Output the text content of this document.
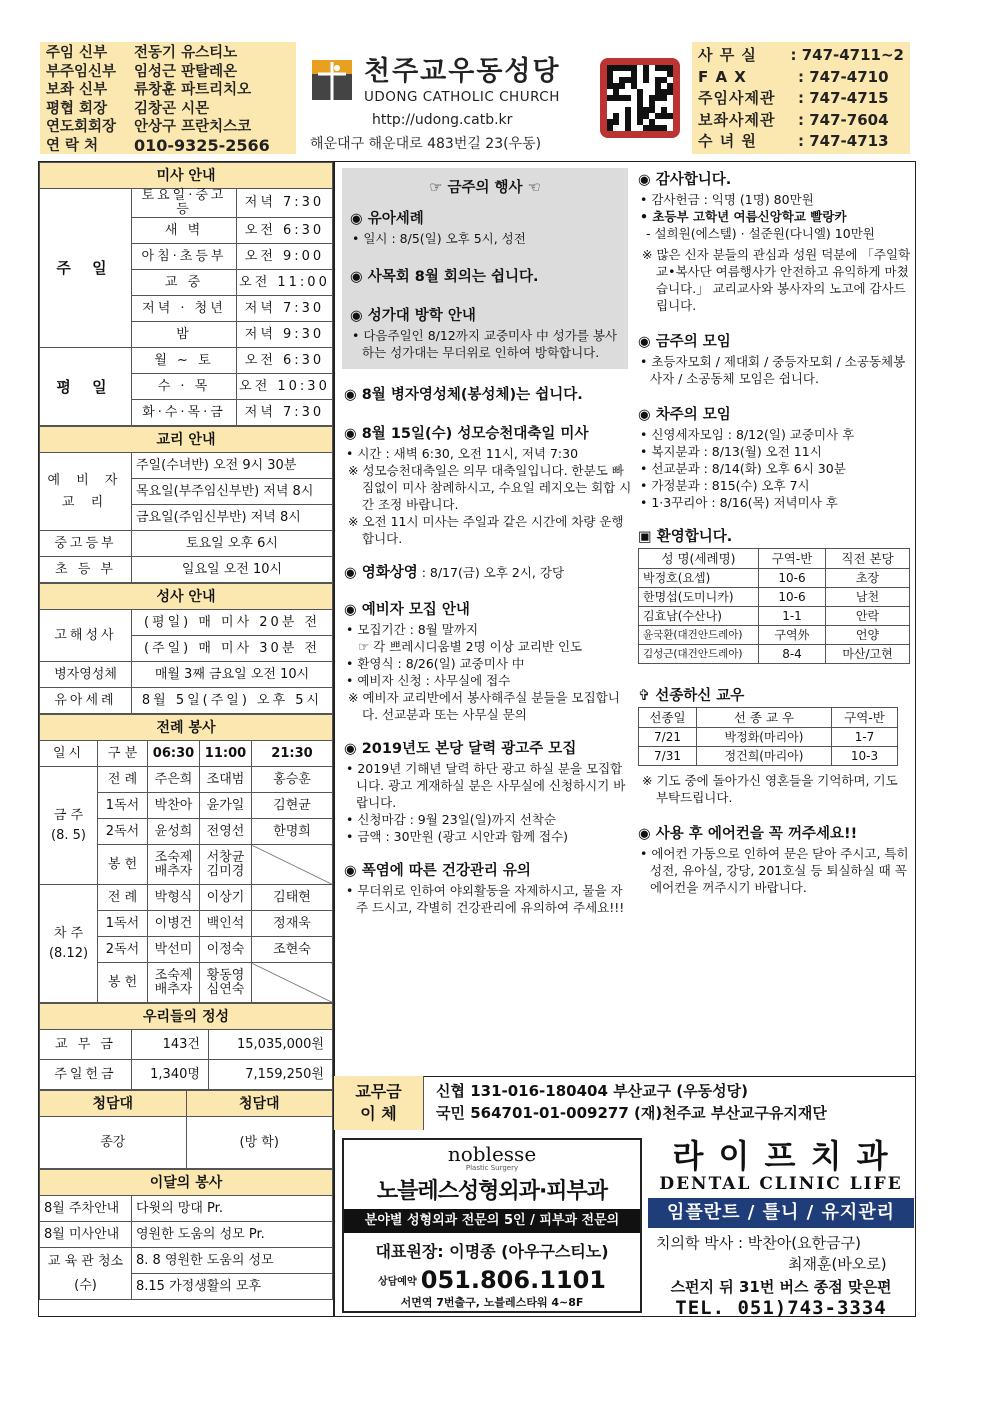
주임 신부	전동기 유스티노
부주임신부	임성근 판탈레온
보좌 신부	류창훈 파트리치오
평협 회장	김창곤 시몬
연도회회장	안상구 프란치스코
연 락 처	010-9325-2566
천주교우동성당
UDONG CATHOLIC CHURCH
http://udong.catb.kr
해운대구 해운대로 483번길 23(우동)
사 무 실	: 747-4711~2
F A X	: 747-4710
주임사제관	: 747-4715
보좌사제관	: 747-7604
수 녀 원	: 747-4713
미사 안내		
주 일	토요일·중고등	저녁 7:30
	새 벽	오전 6:30
	아침·초등부	오전 9:00
	교 중	오전 11:00
	저녁 · 청년	저녁 7:30
	밤	저녁 9:30
평 일	월 ~ 토	오전 6:30
	수 · 목	오전 10:30
	화·수·목·금	저녁 7:30
교리 안내	
예 비 자 교 리	주일(수녀반) 오전 9시 30분
	목요일(부주임신부반) 저녁 8시
	금요일(주임신부반) 저녁 8시
중고등부	토요일 오후 6시
초 등 부	일요일 오전 10시
성사 안내	
고해성사	(평일) 매 미사 20분 전
	(주일) 매 미사 30분 전
병자영성체	매월 3째 금요일 오전 10시
유아세례	8월 5일(주일) 오후 5시
전례 봉사				
일시	구 분	06:30	11:00	21:30
금 주
(8. 5)	전 례	주은희	조대범	홍승훈
	1독서	박찬아	윤가일	김현균
	2독서	윤성희	전영선	한명희
	봉 헌	조숙제 배추자	서창균 김미경	
차 주
(8.12)	전 례	박형식	이상기	김태현
	1독서	이병건	백인석	정재욱
	2독서	박선미	이정숙	조현숙
	봉 헌	조숙제 배추자	황동영 심연숙	
우리들의 정성		
교 무 금	143건	15,035,000원
주일헌금	1,340명	7,159,250원
청담대	청담대
종강	(방 학)
이달의 봉사	
8월 주차안내	다윗의 망대 Pr.
8월 미사안내	영원한 도움의 성모 Pr.
교 육 관 청소(수)	8. 8 영원한 도움의 성모
	8.15 가정생활의 모후
☞ 금주의 행사 ☜
◉ 유아세례
• 일시 : 8/5(일) 오후 5시, 성전
◉ 사목회 8월 회의는 쉽니다.
◉ 성가대 방학 안내
• 다음주일인 8/12까지 교중미사 中 성가를 봉사하는 성가대는 무더위로 인하여 방학합니다.
◉ 8월 병자영성체(봉성체)는 쉽니다.
◉ 8월 15일(수) 성모승천대축일 미사
• 시간 : 새벽 6:30, 오전 11시, 저녁 7:30
※ 성모승천대축일은 의무 대축일입니다. 한분도 빠짐없이 미사 참례하시고, 수요일 레지오는 회합 시간 조정 바랍니다.
※ 오전 11시 미사는 주일과 같은 시간에 차량 운행 합니다.
◉ 영화상영 : 8/17(금) 오후 2시, 강당
◉ 예비자 모집 안내
• 모집기간 : 8월 말까지
☞ 각 쁘레시디움별 2명 이상 교리반 인도
• 환영식 : 8/26(일) 교중미사 中
• 예비자 신청 : 사무실에 접수
※ 예비자 교리반에서 봉사해주실 분들을 모집합니다. 선교분과 또는 사무실 문의
◉ 2019년도 본당 달력 광고주 모집
• 2019년 기해년 달력 하단 광고 하실 분을 모집합니다. 광고 게재하실 분은 사무실에 신청하시기 바랍니다.
• 신청마감 : 9월 23일(일)까지 선착순
• 금액 : 30만원 (광고 시안과 함께 접수)
◉ 폭염에 따른 건강관리 유의
• 무더위로 인하여 야외활동을 자제하시고, 물을 자주 드시고, 각별히 건강관리에 유의하여 주세요!!!
◉ 감사합니다.
• 감사헌금 : 익명 (1명) 80만원
• 초등부 고학년 여름신앙학교 빨랑카
- 설희원(에스텔) · 설준원(다니엘) 10만원
※ 많은 신자 분들의 관심과 성원 덕분에 「주일학교•복사단 여름행사가 안전하고 유익하게 마쳤습니다.」 교리교사와 봉사자의 노고에 감사드립니다.
◉ 금주의 모임
• 초등자모회 / 제대회 / 중등자모회 / 소공동체봉사자 / 소공동체 모임은 쉽니다.
◉ 차주의 모임
• 신영세자모임 : 8/12(일) 교중미사 후
• 복지분과 : 8/13(월) 오전 11시
• 선교분과 : 8/14(화) 오후 6시 30분
• 가정분과 : 815(수) 오후 7시
• 1·3꾸리아 : 8/16(목) 저녁미사 후
▣ 환영합니다.
성 명(세례명)	구역-반	직전 본당
박정호(요셉)	10-6	초장
한명섭(도미니카)	10-6	남천
김효남(수산나)	1-1	안락
윤국환(대건안드레아)	구역外	언양
김성근(대건안드레아)	8-4	마산/고현
✞ 선종하신 교우
선종일	선 종 교 우	구역-반
7/21	박정화(마리아)	1-7
7/31	정건희(마리아)	10-3
※ 기도 중에 돌아가신 영혼들을 기억하며, 기도 부탁드립니다.
◉ 사용 후 에어컨을 꼭 꺼주세요!!
• 에어컨 가동으로 인하여 문은 닫아 주시고, 특히 성전, 유아실, 강당, 201호실 등 퇴실하실 때 꼭 에어컨을 꺼주시기 바랍니다.
교무금
이 체
신협 131-016-180404 부산교구 (우동성당)
국민 564701-01-009277 (재)천주교 부산교구유지재단
noblesse
Plastic Surgery
노블레스성형외과·피부과
분야별 성형외과 전문의 5인 / 피부과 전문의
대표원장: 이명종 (아우구스티노)
상담예약 051.806.1101
서면역 7번출구, 노블레스타워 4~8F
라 이 프 치 과
DENTAL CLINIC LIFE
임플란트 / 틀니 / 유지관리
치의학 박사 : 박찬아(요한금구)
최재훈(바오로)
스펀지 뒤 31번 버스 종점 맞은편
TEL. 051)743-3334
